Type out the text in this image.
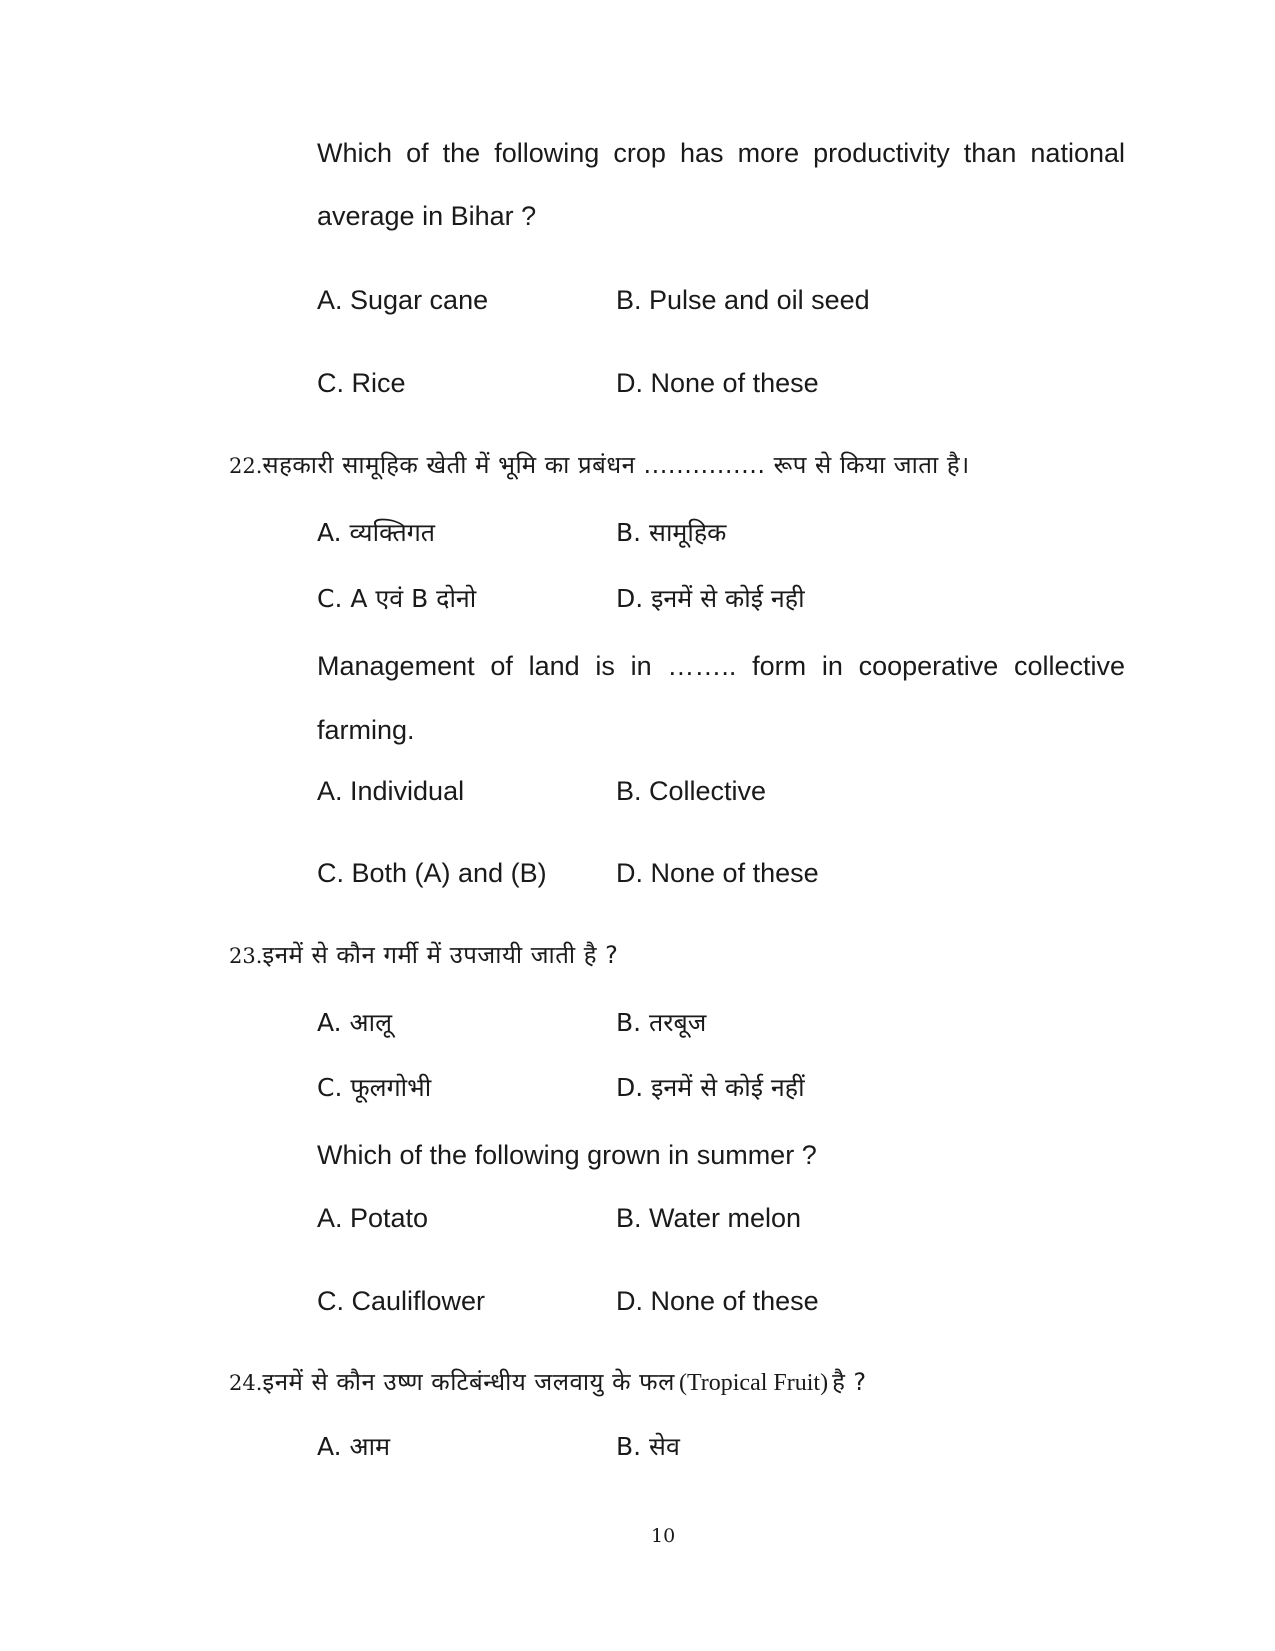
Which of the following crop has more productivity than national
average in Bihar ?
A. Sugar cane	B. Pulse and oil seed
C. Rice	D. None of these
22.सहकारी सामूहिक खेती में भूमि का प्रबंधन ............... रूप से किया जाता है।
A. व्यक्तिगत	B. सामूहिक
C. A एवं B दोनो	D. इनमें से कोई नही
Management of land is in …….. form in cooperative collective
farming.
A. Individual	B. Collective
C. Both (A) and (B)	D. None of these
23.इनमें से कौन गर्मी में उपजायी जाती है ?
A. आलू	B. तरबूज
C. फूलगोभी	D. इनमें से कोई नहीं
Which of the following grown in summer ?
A. Potato	B. Water melon
C. Cauliflower	D. None of these
24.इनमें से कौन उष्ण कटिबंन्धीय जलवायु के फल (Tropical Fruit) है ?
A. आम	B. सेव
10
